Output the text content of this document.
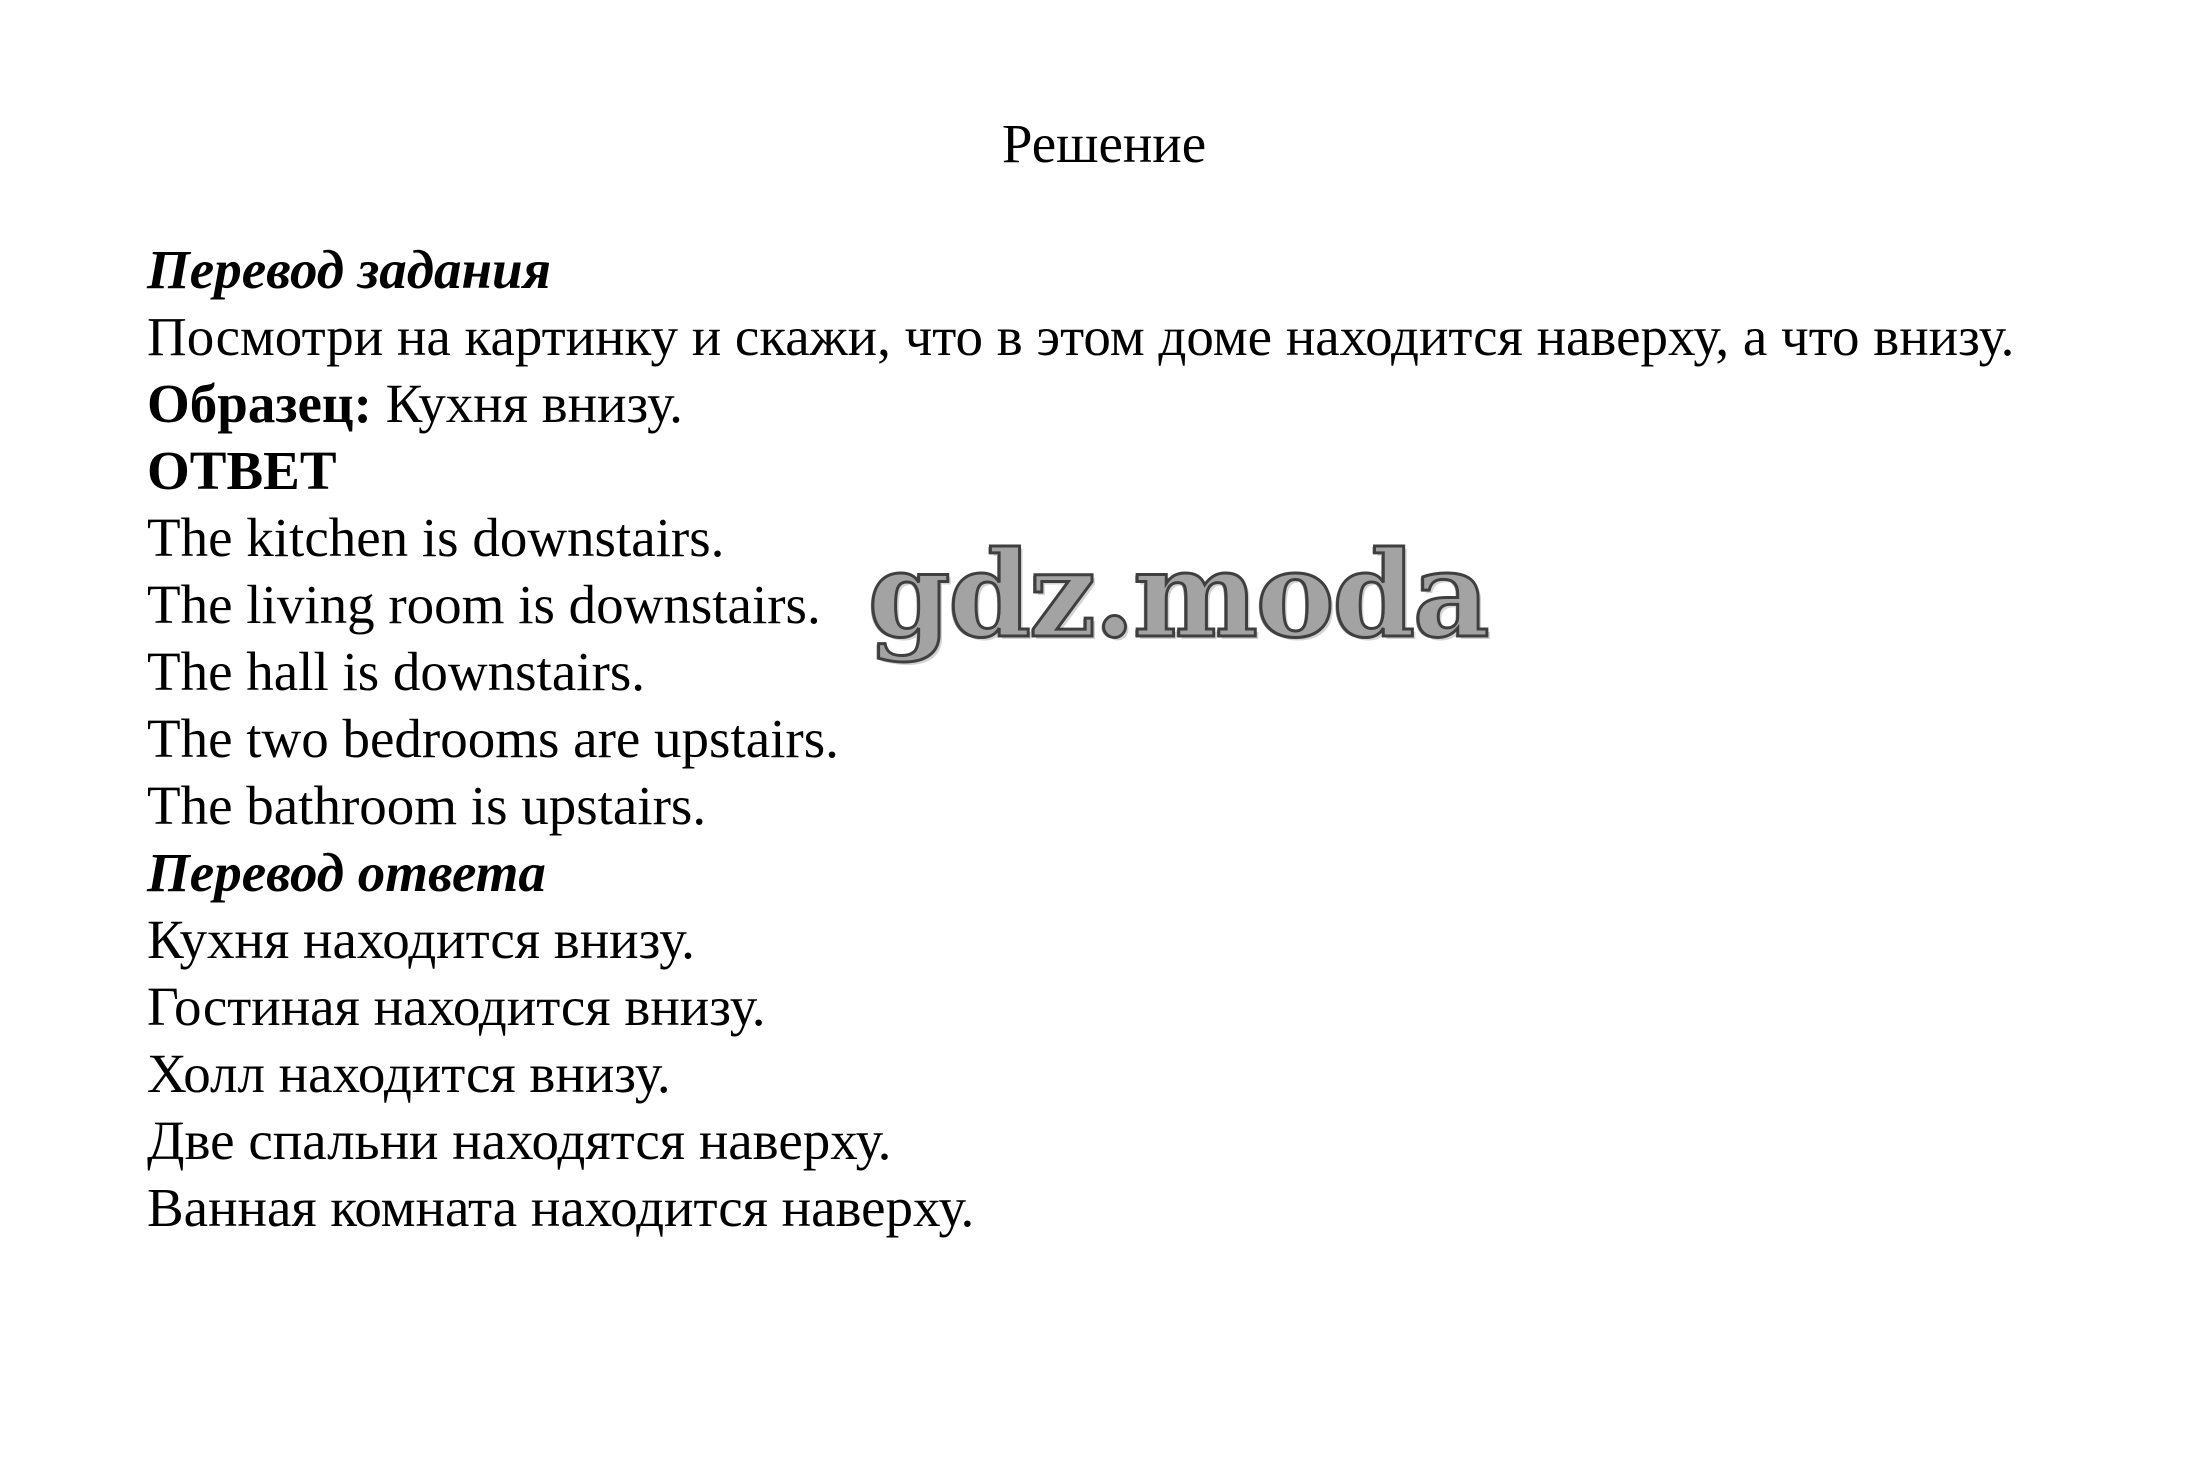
Решение
Перевод задания
Посмотри на картинку и скажи, что в этом доме находится наверху, а что внизу.
Образец: Кухня внизу.
ОТВЕТ
The kitchen is downstairs.
The living room is downstairs.
The hall is downstairs.
The two bedrooms are upstairs.
The bathroom is upstairs.
Перевод ответа
Кухня находится внизу.
Гостиная находится внизу.
Холл находится внизу.
Две спальни находятся наверху.
Ванная комната находится наверху.
gdz.moda
